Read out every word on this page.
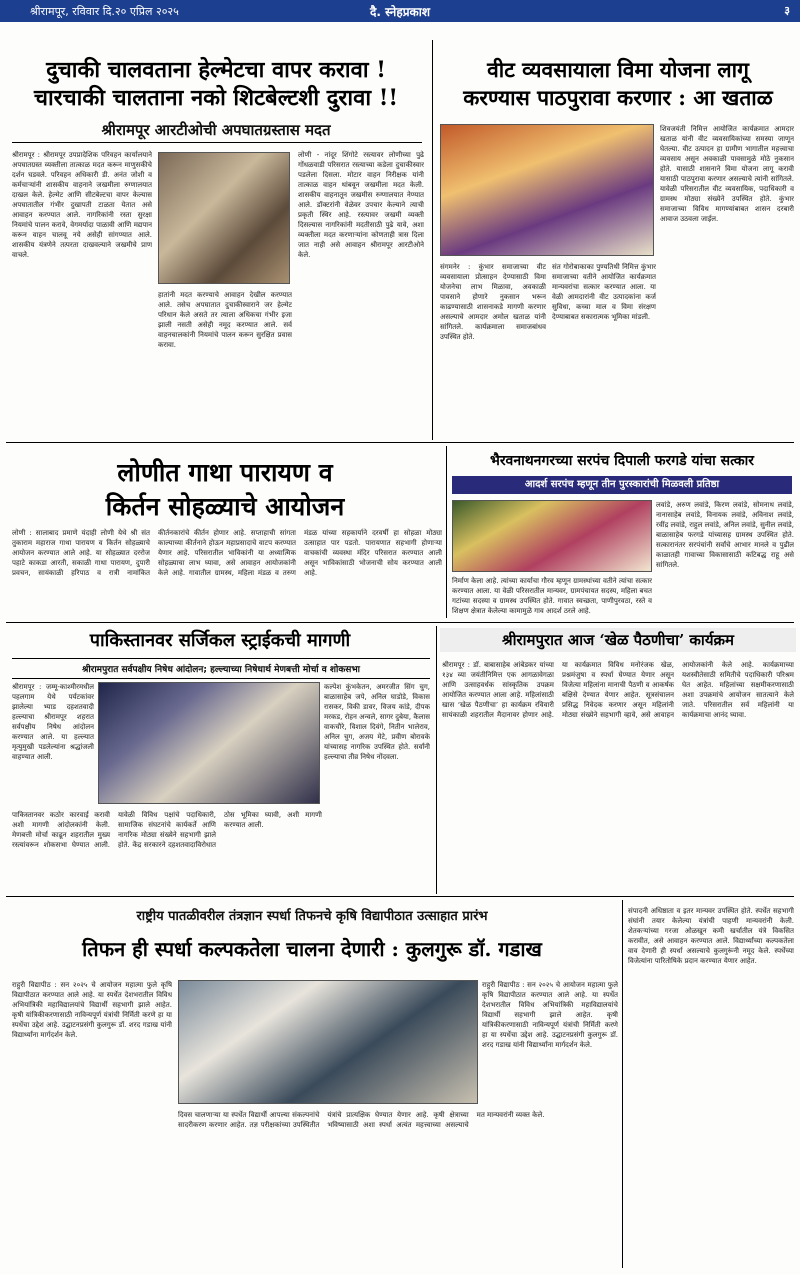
श्रीरामपूर, रविवार दि.२० एप्रिल २०२५	दै. स्नेहप्रकाश	३
दुचाकी चालवताना हेल्मेटचा वापर करावा !
चारचाकी चालताना नको शिटबेल्टशी दुरावा !!
श्रीरामपूर आरटीओची अपघातग्रस्तास मदत
श्रीरामपूर : श्रीरामपूर उपप्रादेशिक परिवहन कार्यालयाने अपघातग्रस्त व्यक्तीला तात्काळ मदत करून माणुसकीचे दर्शन घडवले. परिवहन अधिकारी डी. अनंत जोशी व कर्मचाऱ्यांनी शासकीय वाहनाने जखमीला रुग्णालयात दाखल केले. हेल्मेट आणि सीटबेल्टचा वापर केल्यास अपघातातील गंभीर दुखापती टाळता येतात असे आवाहन करण्यात आले. नागरिकांनी रस्ता सुरक्षा नियमांचे पालन करावे, वेगमर्यादा पाळावी आणि मद्यपान करून वाहन चालवू नये असेही सांगण्यात आले. शासकीय यंत्रणेने तत्परता दाखवल्याने जखमीचे प्राण वाचले.
हातांनी मदत करण्याचे आवाहन देखील करण्यात आले. तसेच अपघातात दुचाकीस्वाराने जर हेल्मेट परिधान केले असते तर त्याला अधिकचा गंभीर इजा झाली नसती असेही नमूद करण्यात आले. सर्व वाहनचालकांनी नियमांचे पालन करून सुरक्षित प्रवास करावा.
लोणी - नांदूर शिंगोटे रस्त्यावर लोणीच्या पुढे गोंधळवाडी परिसरात रस्त्याच्या कडेला दुचाकीस्वार पडलेला दिसला. मोटार वाहन निरीक्षक यांनी तात्काळ वाहन थांबवून जखमीला मदत केली. शासकीय वाहनातून जखमीस रुग्णालयात नेण्यात आले. डॉक्टरांनी वेळेवर उपचार केल्याने त्याची प्रकृती स्थिर आहे. रस्त्यावर जखमी व्यक्ती दिसल्यास नागरिकांनी मदतीसाठी पुढे यावे, अशा व्यक्तीला मदत करणाऱ्यांना कोणताही त्रास दिला जात नाही असे आवाहन श्रीरामपूर आरटीओने केले.
वीट व्यवसायाला विमा योजना लागू
करण्यास पाठपुरावा करणार : आ खताळ
शिवजयंती निमित्त आयोजित कार्यक्रमात आमदार खताळ यांनी वीट व्यवसायिकांच्या समस्या जाणून घेतल्या. वीट उत्पादन हा ग्रामीण भागातील महत्त्वाचा व्यवसाय असून अवकाळी पावसामुळे मोठे नुकसान होते. यासाठी शासनाने विमा योजना लागू करावी यासाठी पाठपुरावा करणार असल्याचे त्यांनी सांगितले. यावेळी परिसरातील वीट व्यवसायिक, पदाधिकारी व ग्रामस्थ मोठ्या संख्येने उपस्थित होते. कुंभार समाजाच्या विविध मागण्यांबाबत शासन दरबारी आवाज उठवला जाईल.
संगमनेर : कुंभार समाजाच्या वीट व्यवसायाला प्रोत्साहन देण्यासाठी विमा योजनेचा लाभ मिळावा, अवकाळी पावसाने होणारे नुकसान भरून काढण्यासाठी शासनाकडे मागणी करणार असल्याचे आमदार अमोल खताळ यांनी सांगितले. कार्यक्रमाला समाजबांधव उपस्थित होते.
संत गोरोबाकाका पुण्यतिथी निमित्त कुंभार समाजाच्या वतीने आयोजित कार्यक्रमात मान्यवरांचा सत्कार करण्यात आला. या वेळी आमदारांनी वीट उत्पादकांना कर्ज सुविधा, कच्चा माल व विमा संरक्षण देण्याबाबत सकारात्मक भूमिका मांडली.
लोणीत गाथा पारायण व
किर्तन सोहळ्याचे आयोजन
लोणी : सालाबाद प्रमाणे यंदाही लोणी येथे श्री संत तुकाराम महाराज गाथा पारायण व किर्तन सोहळ्याचे आयोजन करण्यात आले आहे. या सोहळ्यात दररोज पहाटे काकडा आरती, सकाळी गाथा पारायण, दुपारी प्रवचन, सायंकाळी हरिपाठ व रात्री नामांकित कीर्तनकारांचे कीर्तन होणार आहे. सप्ताहाची सांगता काल्याच्या कीर्तनाने होऊन महाप्रसादाचे वाटप करण्यात येणार आहे. परिसरातील भाविकांनी या अध्यात्मिक सोहळ्याचा लाभ घ्यावा, असे आवाहन आयोजकांनी केले आहे. गावातील ग्रामस्थ, महिला मंडळ व तरुण मंडळ यांच्या सहकार्याने दरवर्षी हा सोहळा मोठ्या उत्साहात पार पडतो. पारायणात सहभागी होणाऱ्या वाचकांची व्यवस्था मंदिर परिसरात करण्यात आली असून भाविकांसाठी भोजनाची सोय करण्यात आली आहे.
भैरवनाथनगरच्या सरपंच दिपाली फरगडे यांचा सत्कार
आदर्श सरपंच म्हणून तीन पुरस्कारांची मिळवली प्रतिष्ठा
लवांडे, अरुण लवांडे, किरण लवांडे, सोमनाथ लवांडे, नानासाहेब लवांडे, विनायक लवांडे, अविनाश लवांडे, रवींद्र लवांडे, राहुल लवांडे, अनिल लवांडे, सुनील लवांडे, बाळासाहेब फरगडे यांच्यासह ग्रामस्थ उपस्थित होते. सत्कारानंतर सरपंचांनी सर्वांचे आभार मानले व पुढील काळातही गावाच्या विकासासाठी कटिबद्ध राहू असे सांगितले.
निर्माण केला आहे. त्यांच्या कार्याचा गौरव म्हणून ग्रामस्थांच्या वतीने त्यांचा सत्कार करण्यात आला. या वेळी परिसरातील मान्यवर, ग्रामपंचायत सदस्य, महिला बचत गटांच्या सदस्या व ग्रामस्थ उपस्थित होते. गावात स्वच्छता, पाणीपुरवठा, रस्ते व शिक्षण क्षेत्रात केलेल्या कामामुळे गाव आदर्श ठरले आहे.
पाकिस्तानवर सर्जिकल स्ट्राईकची मागणी
श्रीरामपुरात सर्वपक्षीय निषेध आंदोलन; हल्ल्याच्या निषेधार्थ मेणबत्ती मोर्चा व शोकसभा
श्रीरामपूर : जम्मू-काश्मीरमधील पहलगाम येथे पर्यटकांवर झालेल्या भ्याड दहशतवादी हल्ल्याचा श्रीरामपूर शहरात सर्वपक्षीय निषेध आंदोलन करण्यात आले. या हल्ल्यात मृत्युमुखी पडलेल्यांना श्रद्धांजली वाहण्यात आली.
कल्पेश कुंभकेतन, अमरजीत सिंग चुग, बाळासाहेब जपे, अनिल घाडोडे, विकास रासकर, विकी डावर, विजय कांडे, दीपक मरकड, रोहन अन्वले, सागर दुबेया, कैलास वाकचौरे, विशाल दिवंगे, नितीन भालेराव, अनिल चुग, अजय मेटे, प्रवीण बोरावके यांच्यासह नागरिक उपस्थित होते. सर्वांनी हल्ल्याचा तीव्र निषेध नोंदवला.
पाकिस्तानवर कठोर कारवाई करावी अशी मागणी आंदोलकांनी केली. मेणबत्ती मोर्चा काढून शहरातील मुख्य रस्त्यांवरून शोकसभा घेण्यात आली. यावेळी विविध पक्षांचे पदाधिकारी, सामाजिक संघटनांचे कार्यकर्ते आणि नागरिक मोठ्या संख्येने सहभागी झाले होते. केंद्र सरकारने दहशतवादाविरोधात ठोस भूमिका घ्यावी, अशी मागणी करण्यात आली.
श्रीरामपुरात आज ‘खेळ पैठणीचा’ कार्यक्रम
श्रीरामपूर : डॉ. बाबासाहेब आंबेडकर यांच्या १३४ व्या जयंतीनिमित्त एक आगळावेगळा आणि उत्साहवर्धक सांस्कृतिक उपक्रम आयोजित करण्यात आला आहे. महिलांसाठी खास ‘खेळ पैठणीचा’ हा कार्यक्रम रविवारी सायंकाळी शहरातील मैदानावर होणार आहे. या कार्यक्रमात विविध मनोरंजक खेळ, प्रश्नमंजुषा व स्पर्धा घेण्यात येणार असून विजेत्या महिलांना मानाची पैठणी व आकर्षक बक्षिसे देण्यात येणार आहेत. सूत्रसंचालन प्रसिद्ध निवेदक करणार असून महिलांनी मोठ्या संख्येने सहभागी व्हावे, असे आवाहन आयोजकांनी केले आहे. कार्यक्रमाच्या यशस्वीतेसाठी समितीचे पदाधिकारी परिश्रम घेत आहेत. महिलांच्या सक्षमीकरणासाठी अशा उपक्रमांचे आयोजन सातत्याने केले जाते. परिसरातील सर्व महिलांनी या कार्यक्रमाचा आनंद घ्यावा.
राष्ट्रीय पातळीवरील तंत्रज्ञान स्पर्धा तिफनचे कृषि विद्यापीठात उत्साहात प्रारंभ
तिफन ही स्पर्धा कल्पकतेला चालना देणारी : कुलगुरू डॉ. गडाख
राहुरी विद्यापीठ : सन २०२५ चे आयोजन महात्मा फुले कृषि विद्यापीठात करण्यात आले आहे. या स्पर्धेत देशभरातील विविध अभियांत्रिकी महाविद्यालयांचे विद्यार्थी सहभागी झाले आहेत. कृषी यांत्रिकीकरणासाठी नाविन्यपूर्ण यंत्रांची निर्मिती करणे हा या स्पर्धेचा उद्देश आहे. उद्घाटनप्रसंगी कुलगुरू डॉ. शरद गडाख यांनी विद्यार्थ्यांना मार्गदर्शन केले.
दिवस चालणाऱ्या या स्पर्धेत विद्यार्थी आपल्या संकल्पनांचे सादरीकरण करणार आहेत. तज्ञ परीक्षकांच्या उपस्थितीत यंत्रांचे प्रात्यक्षिक घेण्यात येणार आहे. कृषी क्षेत्राच्या भविष्यासाठी अशा स्पर्धा अत्यंत महत्त्वाच्या असल्याचे मत मान्यवरांनी व्यक्त केले.
राहुरी विद्यापीठ : सन २०२५ चे आयोजन महात्मा फुले कृषि विद्यापीठात करण्यात आले आहे. या स्पर्धेत देशभरातील विविध अभियांत्रिकी महाविद्यालयांचे विद्यार्थी सहभागी झाले आहेत. कृषी यांत्रिकीकरणासाठी नाविन्यपूर्ण यंत्रांची निर्मिती करणे हा या स्पर्धेचा उद्देश आहे. उद्घाटनप्रसंगी कुलगुरू डॉ. शरद गडाख यांनी विद्यार्थ्यांना मार्गदर्शन केले.
संपादनी अधिष्ठाता व इतर मान्यवर उपस्थित होते. स्पर्धेत सहभागी संघांनी तयार केलेल्या यंत्रांची पाहणी मान्यवरांनी केली. शेतकऱ्यांच्या गरजा ओळखून कमी खर्चातील यंत्रे विकसित करावीत, असे आवाहन करण्यात आले. विद्यार्थ्यांच्या कल्पकतेला वाव देणारी ही स्पर्धा असल्याचे कुलगुरूंनी नमूद केले. स्पर्धेच्या विजेत्यांना पारितोषिके प्रदान करण्यात येणार आहेत.
